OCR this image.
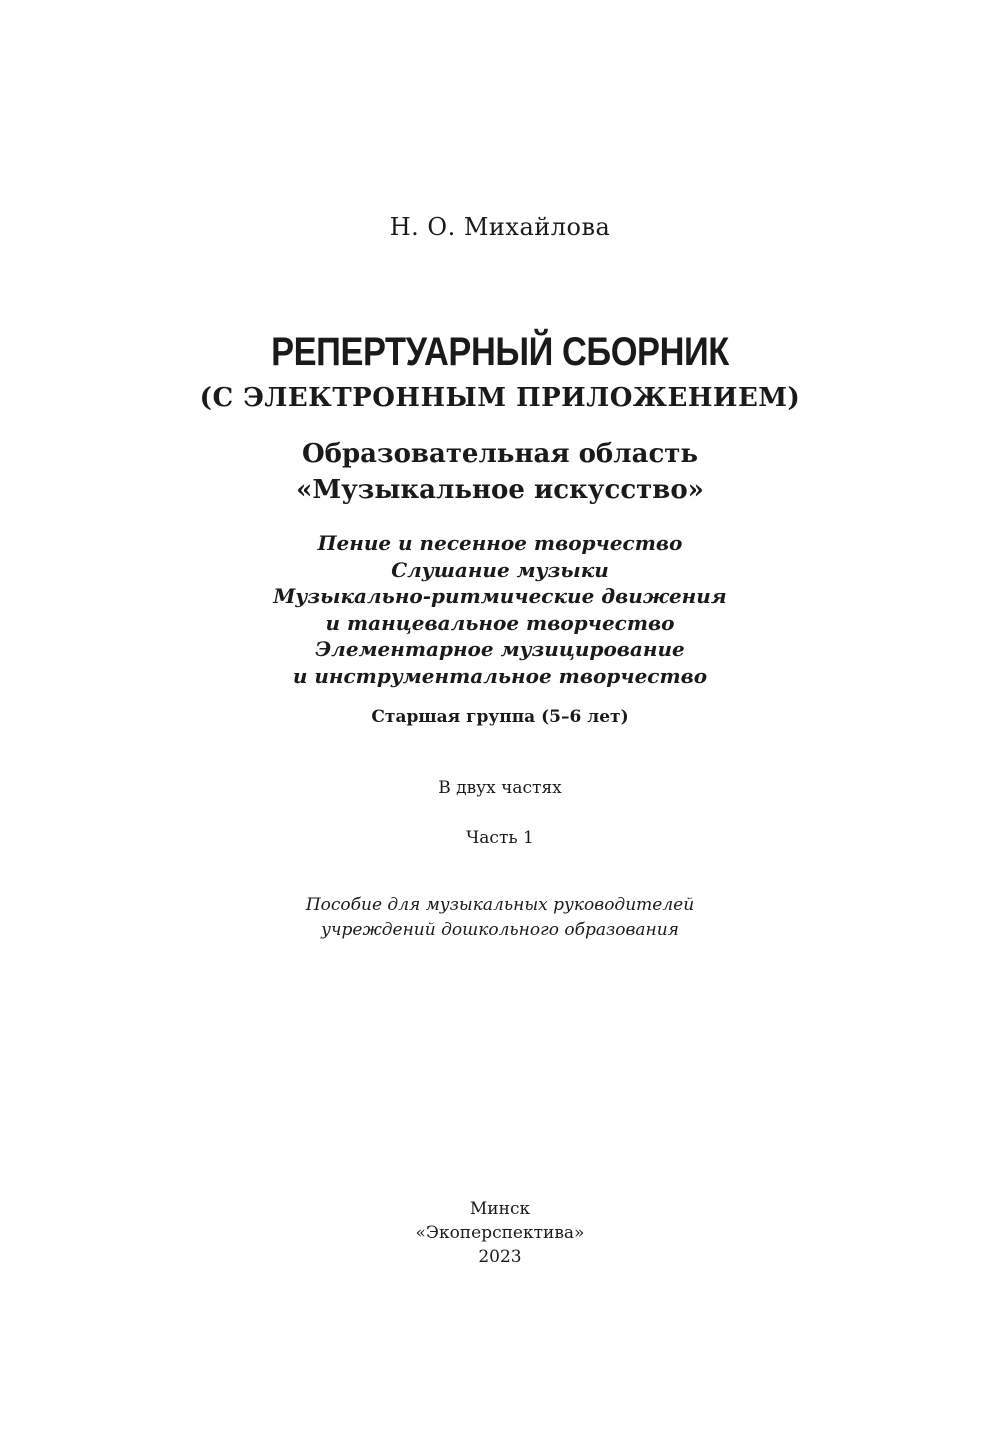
Н. О. Михайлова
РЕПЕРТУАРНЫЙ СБОРНИК
(С ЭЛЕКТРОННЫМ ПРИЛОЖЕНИЕМ)
Образовательная область
«Музыкальное искусство»
Пение и песенное творчество
Слушание музыки
Музыкально-ритмические движения
и танцевальное творчество
Элементарное музицирование
и инструментальное творчество
Старшая группа (5–6 лет)
В двух частях
Часть 1
Пособие для музыкальных руководителей
учреждений дошкольного образования
Минск
«Экоперспектива»
2023
